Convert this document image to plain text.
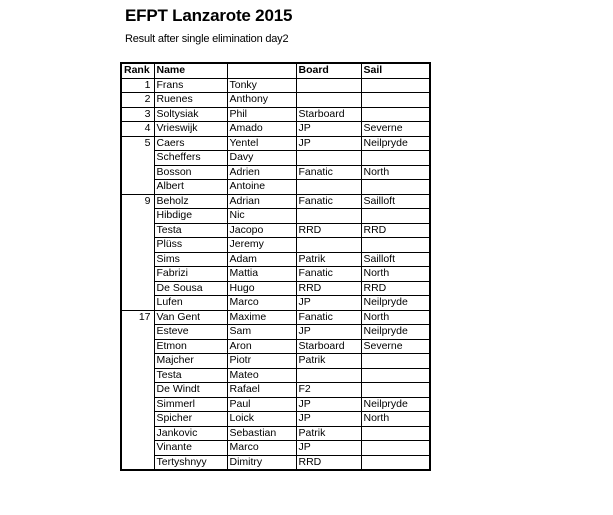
EFPT Lanzarote 2015
Result after single elimination day2
Rank	Name		Board	Sail
1	Frans	Tonky		
2	Ruenes	Anthony		
3	Soltysiak	Phil	Starboard	
4	Vrieswijk	Amado	JP	Severne
5	Caers	Yentel	JP	Neilpryde
	Scheffers	Davy		
	Bosson	Adrien	Fanatic	North
	Albert	Antoine		
9	Beholz	Adrian	Fanatic	Sailloft
	Hibdige	Nic		
	Testa	Jacopo	RRD	RRD
	Plüss	Jeremy		
	Sims	Adam	Patrik	Sailloft
	Fabrizi	Mattia	Fanatic	North
	De Sousa	Hugo	RRD	RRD
	Lufen	Marco	JP	Neilpryde
17	Van Gent	Maxime	Fanatic	North
	Esteve	Sam	JP	Neilpryde
	Etmon	Aron	Starboard	Severne
	Majcher	Piotr	Patrik	
	Testa	Mateo		
	De Windt	Rafael	F2	
	Simmerl	Paul	JP	Neilpryde
	Spicher	Loick	JP	North
	Jankovic	Sebastian	Patrik	
	Vinante	Marco	JP	
	Tertyshnyy	Dimitry	RRD	
